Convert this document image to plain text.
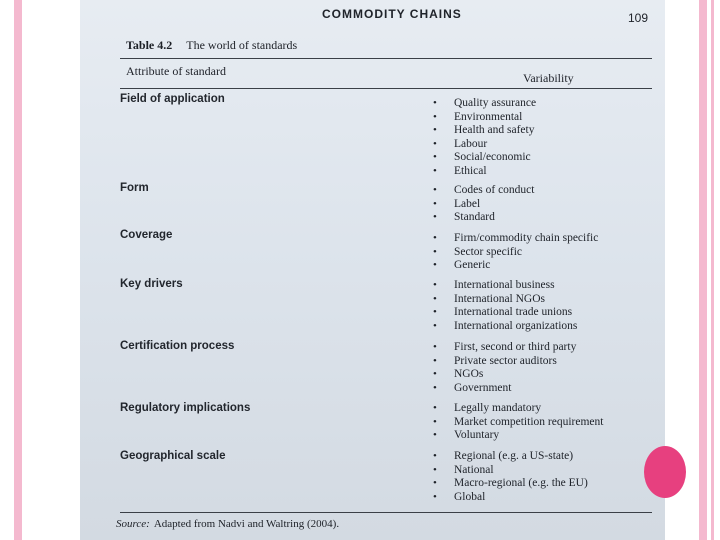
COMMODITY CHAINS	109
Table 4.2 The world of standards
Attribute of standard	Variability
Field of application	• Quality assurance
• Environmental
• Health and safety
• Labour
• Social/economic
• Ethical
Form	• Codes of conduct
• Label
• Standard
Coverage	• Firm/commodity chain specific
• Sector specific
• Generic
Key drivers	• International business
• International NGOs
• International trade unions
• International organizations
Certification process	• First, second or third party
• Private sector auditors
• NGOs
• Government
Regulatory implications	• Legally mandatory
• Market competition requirement
• Voluntary
Geographical scale	• Regional (e.g. a US-state)
• National
• Macro-regional (e.g. the EU)
• Global
Source: Adapted from Nadvi and Waltring (2004).
